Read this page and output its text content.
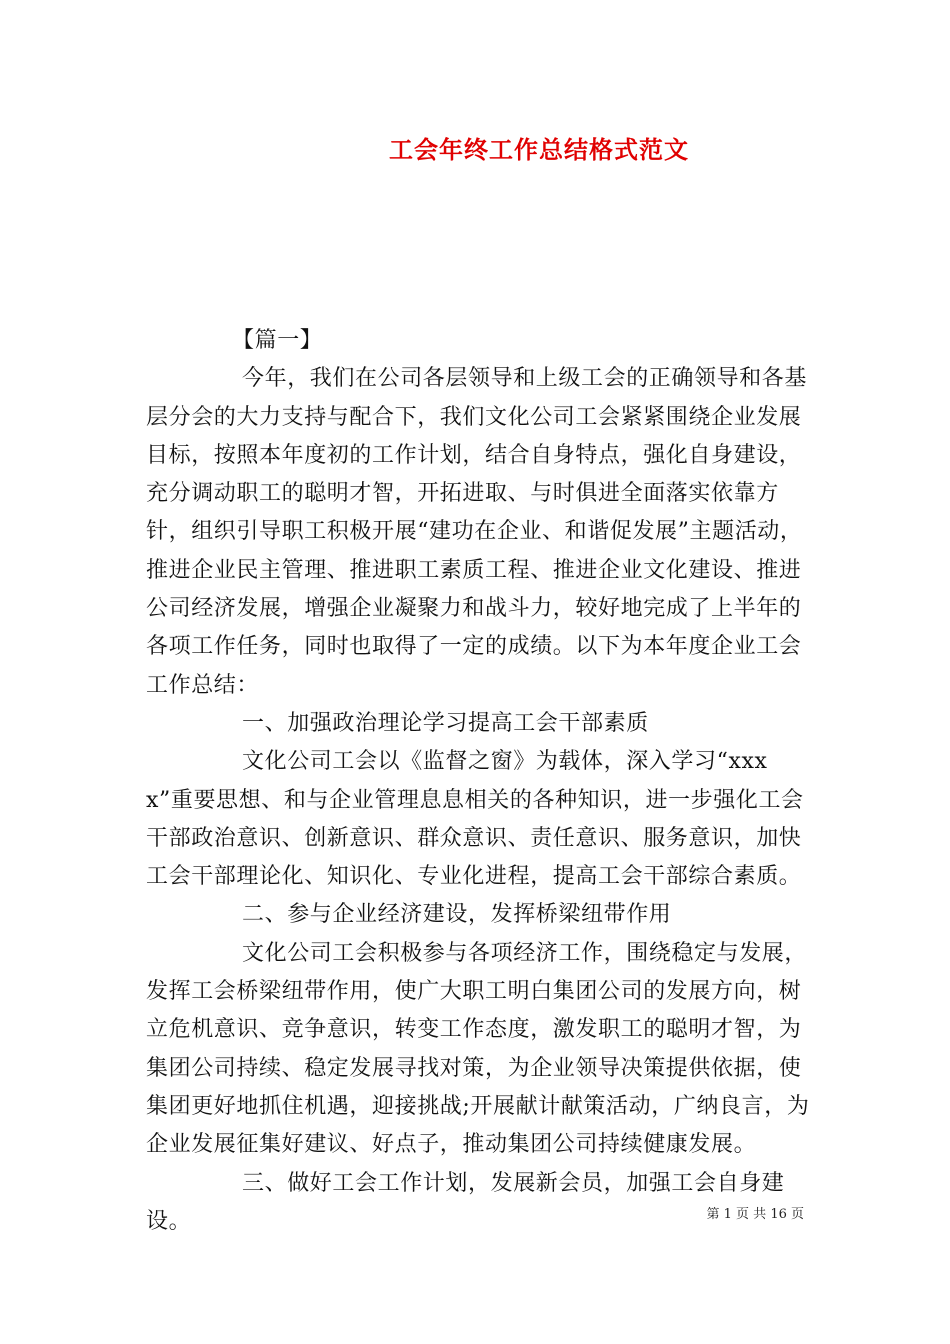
工会年终工作总结格式范文

【篇一】

今年，我们在公司各层领导和上级工会的正确领导和各基层分会的大力支持与配合下，我们文化公司工会紧紧围绕企业发展目标，按照本年度初的工作计划，结合自身特点，强化自身建设，充分调动职工的聪明才智，开拓进取、与时俱进全面落实依靠方针，组织引导职工积极开展“建功在企业、和谐促发展”主题活动，推进企业民主管理、推进职工素质工程、推进企业文化建设、推进公司经济发展，增强企业凝聚力和战斗力，较好地完成了上半年的各项工作任务，同时也取得了一定的成绩。以下为本年度企业工会工作总结：

一、加强政治理论学习提高工会干部素质

文化公司工会以《监督之窗》为载体，深入学习“xxxx”重要思想、和与企业管理息息相关的各种知识，进一步强化工会干部政治意识、创新意识、群众意识、责任意识、服务意识，加快工会干部理论化、知识化、专业化进程，提高工会干部综合素质。

二、参与企业经济建设，发挥桥梁纽带作用

文化公司工会积极参与各项经济工作，围绕稳定与发展，发挥工会桥梁纽带作用，使广大职工明白集团公司的发展方向，树立危机意识、竞争意识，转变工作态度，激发职工的聪明才智，为集团公司持续、稳定发展寻找对策，为企业领导决策提供依据，使集团更好地抓住机遇，迎接挑战;开展献计献策活动，广纳良言，为企业发展征集好建议、好点子，推动集团公司持续健康发展。

三、做好工会工作计划，发展新会员，加强工会自身建设。	第 1 页 共 16 页
